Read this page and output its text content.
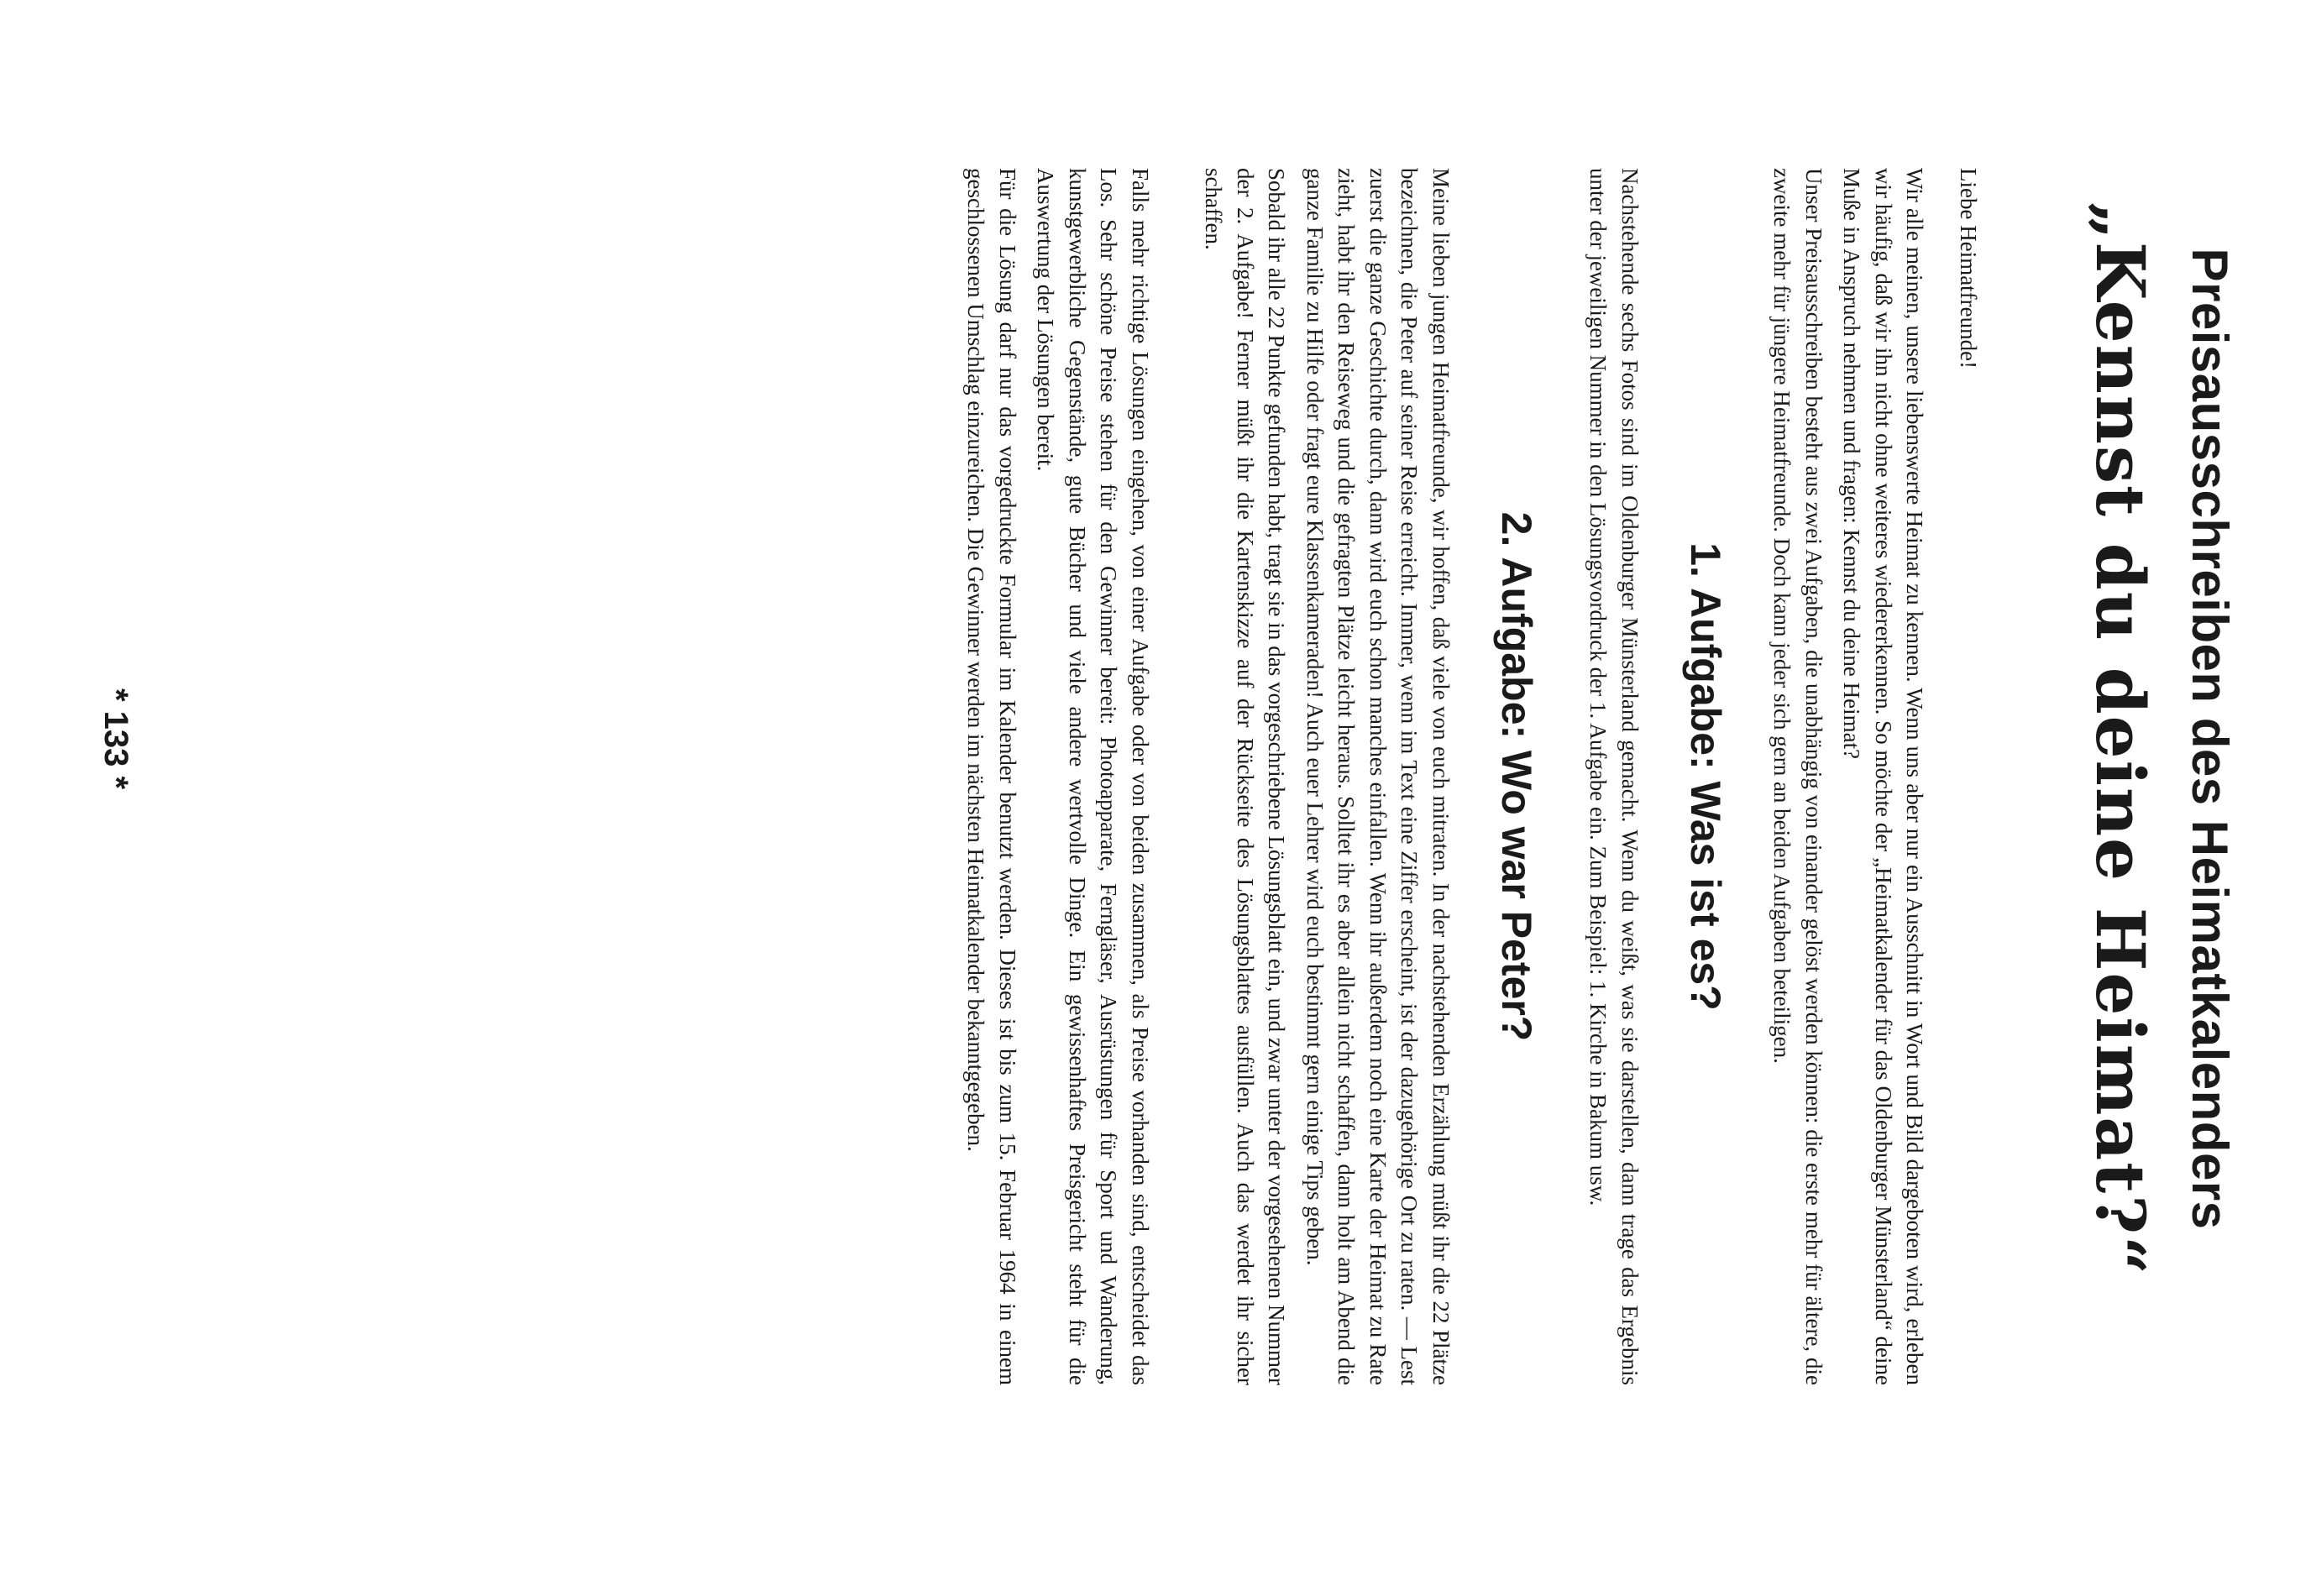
Preisausschreiben des Heimatkalenders
„Kennst du deine Heimat?“

Liebe Heimatfreunde!

Wir alle meinen, unsere liebenswerte Heimat zu kennen. Wenn uns aber nur ein Ausschnitt in Wort und Bild dargeboten wird, erleben wir häufig, daß wir ihn nicht ohne weiteres wiedererkennen. So möchte der „Heimatkalender für das Oldenburger Münsterland“ deine Muße in Anspruch nehmen und fragen: Kennst du deine Heimat?

Unser Preisausschreiben besteht aus zwei Aufgaben, die unabhängig von einander gelöst werden können: die erste mehr für ältere, die zweite mehr für jüngere Heimatfreunde. Doch kann jeder sich gern an beiden Aufgaben beteiligen.

1. Aufgabe: Was ist es?

Nachstehende sechs Fotos sind im Oldenburger Münsterland gemacht. Wenn du weißt, was sie darstellen, dann trage das Ergebnis unter der jeweiligen Nummer in den Lösungsvordruck der 1. Aufgabe ein. Zum Beispiel: 1. Kirche in Bakum usw.

2. Aufgabe: Wo war Peter?

Meine lieben jungen Heimatfreunde, wir hoffen, daß viele von euch mitraten. In der nachstehenden Erzählung müßt ihr die 22 Plätze bezeichnen, die Peter auf seiner Reise erreicht. Immer, wenn im Text eine Ziffer erscheint, ist der dazugehörige Ort zu raten. — Lest zuerst die ganze Geschichte durch, dann wird euch schon manches einfallen. Wenn ihr außerdem noch eine Karte der Heimat zu Rate zieht, habt ihr den Reiseweg und die gefragten Plätze leicht heraus. Solltet ihr es aber allein nicht schaffen, dann holt am Abend die ganze Familie zu Hilfe oder fragt eure Klassenkameraden! Auch euer Lehrer wird euch bestimmt gern einige Tips geben.

Sobald ihr alle 22 Punkte gefunden habt, tragt sie in das vorgeschriebene Lösungsblatt ein, und zwar unter der vorgesehenen Nummer der 2. Aufgabe! Ferner müßt ihr die Kartenskizze auf der Rückseite des Lösungsblattes ausfüllen. Auch das werdet ihr sicher schaffen.

Falls mehr richtige Lösungen eingehen, von einer Aufgabe oder von beiden zusammen, als Preise vorhanden sind, entscheidet das Los. Sehr schöne Preise stehen für den Gewinner bereit: Photoapparate, Ferngläser, Ausrüstungen für Sport und Wanderung, kunstgewerbliche Gegenstände, gute Bücher und viele andere wertvolle Dinge. Ein gewissenhaftes Preisgericht steht für die Auswertung der Lösungen bereit.

Für die Lösung darf nur das vorgedruckte Formular im Kalender benutzt werden. Dieses ist bis zum 15. Februar 1964 in einem geschlossenen Umschlag einzureichen. Die Gewinner werden im nächsten Heimatkalender bekanntgegeben.

* 133 *
